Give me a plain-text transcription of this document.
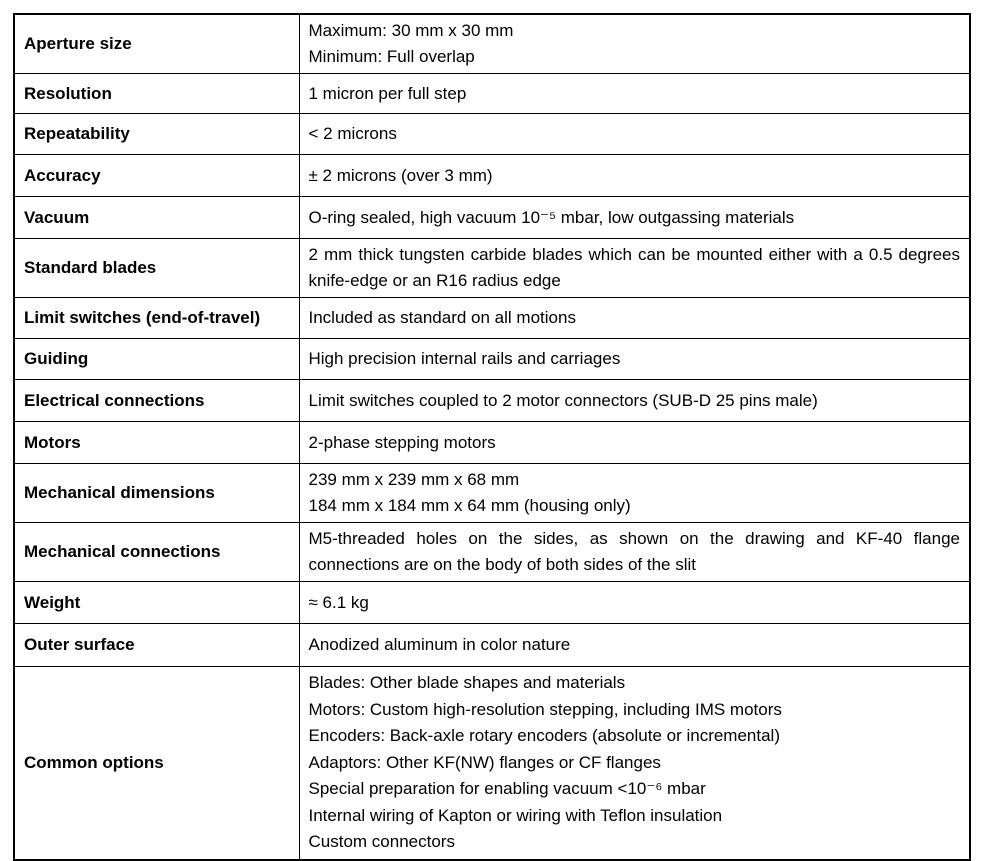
Aperture size	Maximum: 30 mm x 30 mm
Minimum: Full overlap

Resolution	1 micron per full step

Repeatability	< 2 microns

Accuracy	± 2 microns (over 3 mm)

Vacuum	O-ring sealed, high vacuum 10⁻⁵ mbar, low outgassing materials

Standard blades	2 mm thick tungsten carbide blades which can be mounted either with a 0.5 degrees knife-edge or an R16 radius edge

Limit switches (end-of-travel)	Included as standard on all motions

Guiding	High precision internal rails and carriages

Electrical connections	Limit switches coupled to 2 motor connectors (SUB-D 25 pins male)

Motors	2-phase stepping motors

Mechanical dimensions	239 mm x 239 mm x 68 mm
184 mm x 184 mm x 64 mm (housing only)

Mechanical connections	M5-threaded holes on the sides, as shown on the drawing and KF-40 flange connections are on the body of both sides of the slit

Weight	≈ 6.1 kg

Outer surface	Anodized aluminum in color nature

Common options	
Blades: Other blade shapes and materials
Motors: Custom high-resolution stepping, including IMS motors
Encoders: Back-axle rotary encoders (absolute or incremental)
Adaptors: Other KF(NW) flanges or CF flanges
Special preparation for enabling vacuum <10⁻⁶ mbar
Internal wiring of Kapton or wiring with Teflon insulation
Custom connectors
